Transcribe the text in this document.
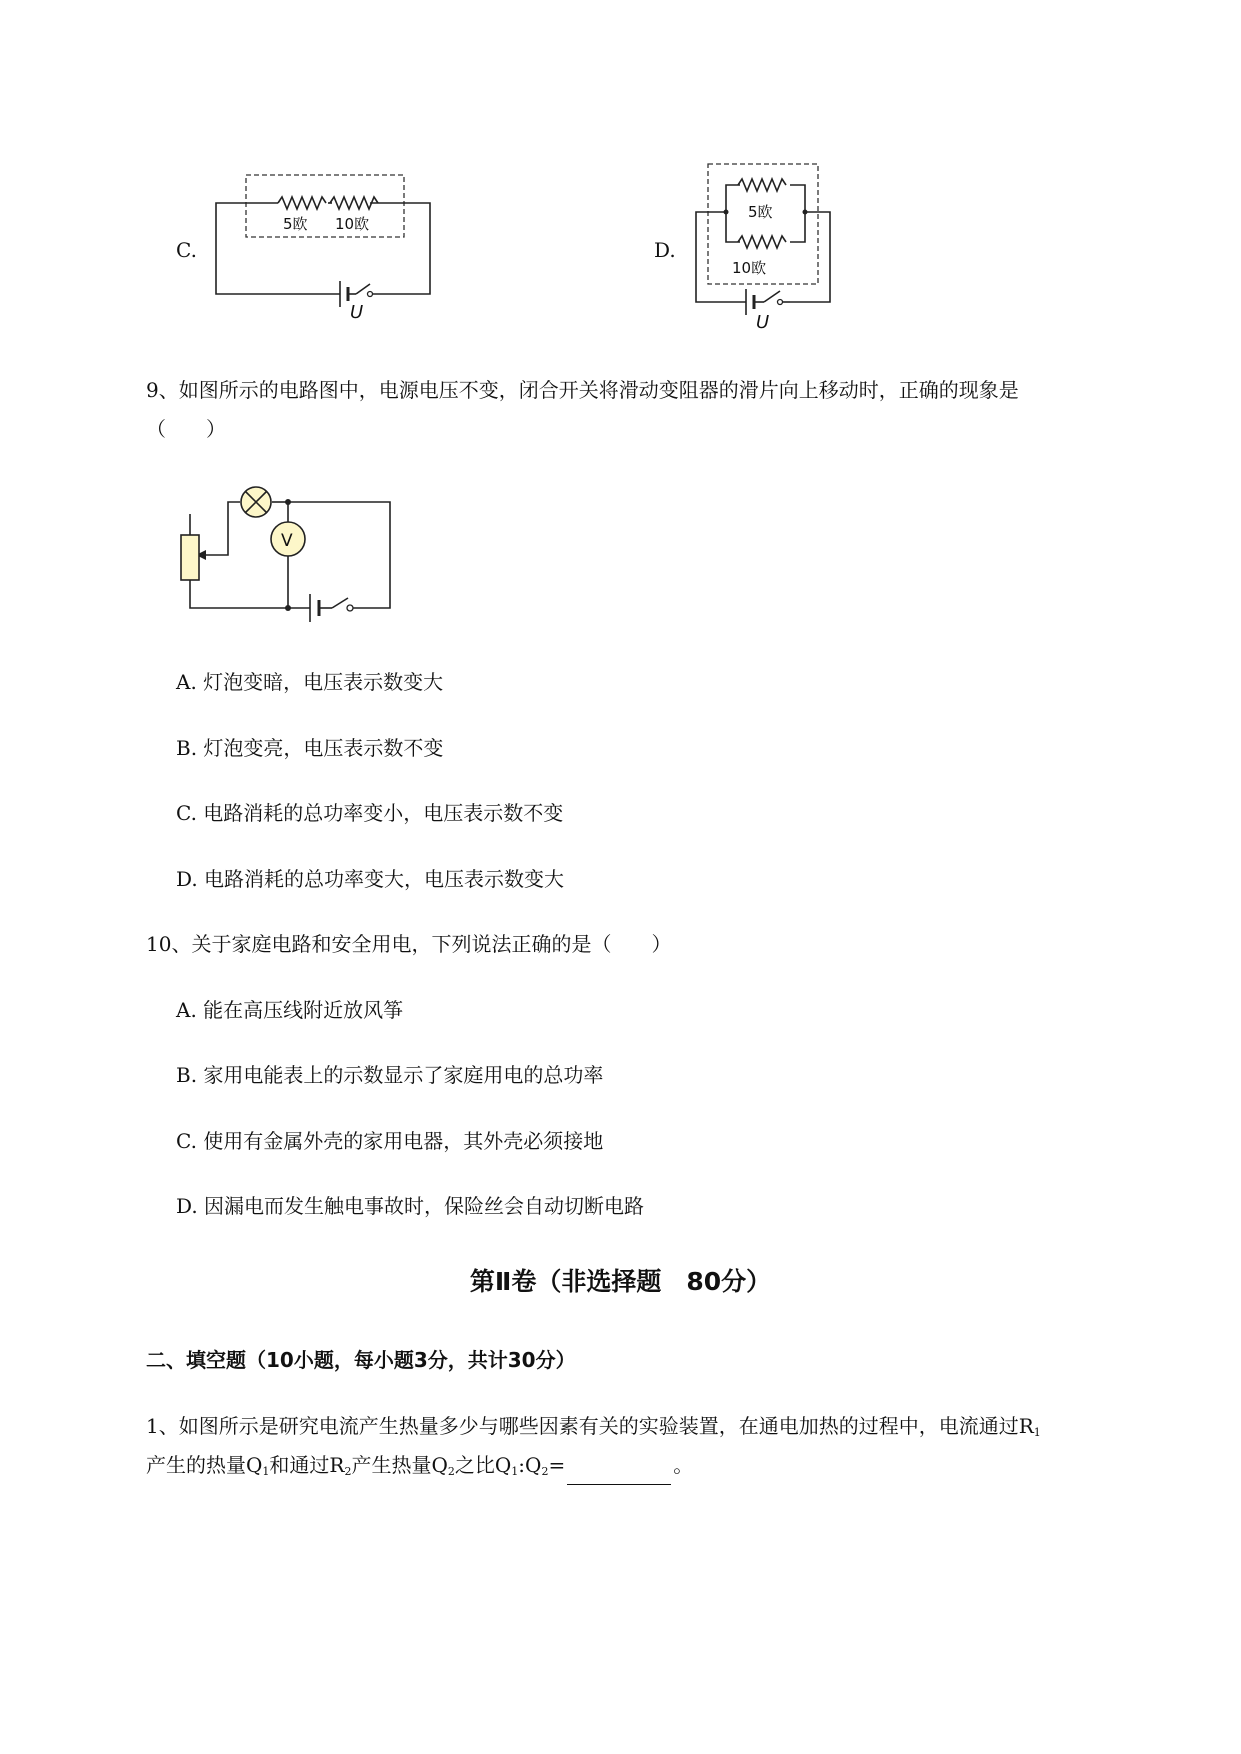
C.
5欧 10欧
U
D.
5欧
10欧
U
9、如图所示的电路图中，电源电压不变，闭合开关将滑动变阻器的滑片向上移动时，正确的现象是
（　　）
V
A. 灯泡变暗，电压表示数变大
B. 灯泡变亮，电压表示数不变
C. 电路消耗的总功率变小，电压表示数不变
D. 电路消耗的总功率变大，电压表示数变大
10、关于家庭电路和安全用电，下列说法正确的是（　　）
A. 能在高压线附近放风筝
B. 家用电能表上的示数显示了家庭用电的总功率
C. 使用有金属外壳的家用电器，其外壳必须接地
D. 因漏电而发生触电事故时，保险丝会自动切断电路
第Ⅱ卷（非选择题　80分）
二、填空题（10小题，每小题3分，共计30分）
1、如图所示是研究电流产生热量多少与哪些因素有关的实验装置，在通电加热的过程中，电流通过$R_1$
产生的热量$Q_1$和通过$R_2$产生热量$Q_2$之比$Q_1:Q_2=$	。
